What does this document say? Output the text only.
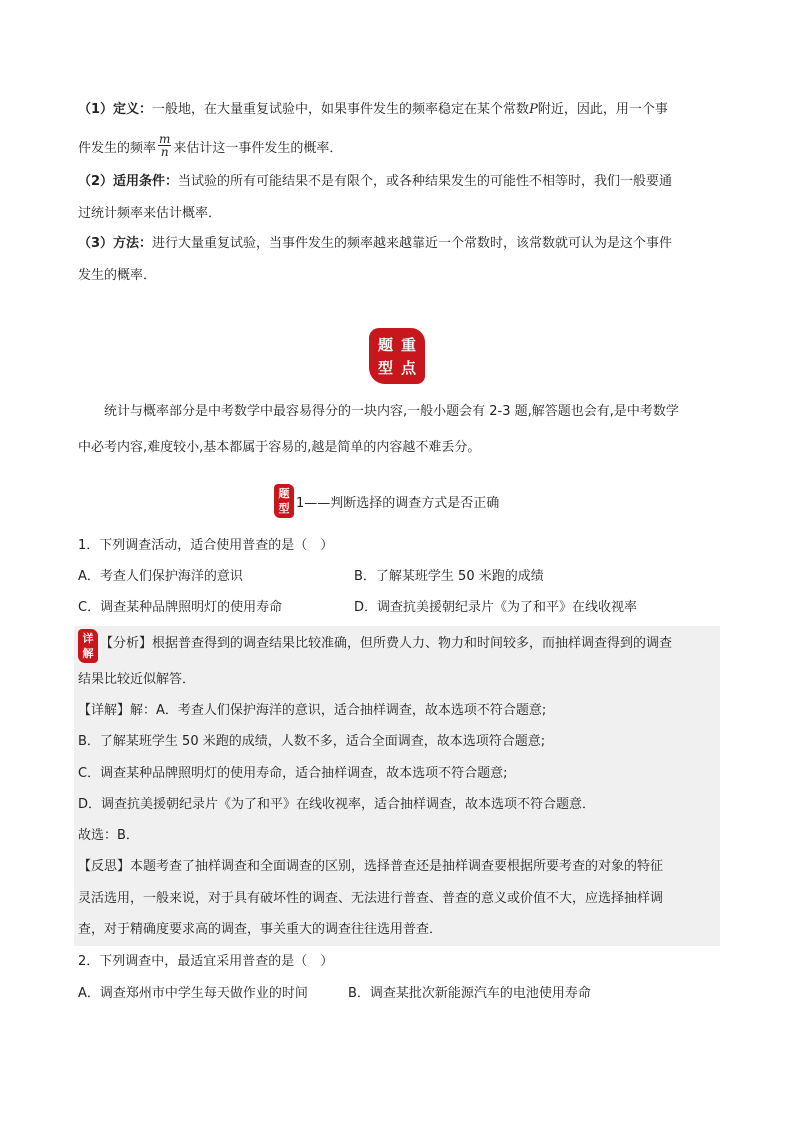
（1）定义：一般地，在大量重复试验中，如果事件发生的频率稳定在某个常数P附近，因此，用一个事
件发生的频率 $\frac{m}{n}$ 来估计这一事件发生的概率．
（2）适用条件：当试验的所有可能结果不是有限个，或各种结果发生的可能性不相等时，我们一般要通
过统计频率来估计概率．
（3）方法：进行大量重复试验，当事件发生的频率越来越靠近一个常数时，该常数就可认为是这个事件
发生的概率．
题 重
型 点
统计与概率部分是中考数学中最容易得分的一块内容,一般小题会有 2-3 题,解答题也会有,是中考数学
中必考内容,难度较小,基本都属于容易的,越是简单的内容越不难丢分。
题
型 1——判断选择的调查方式是否正确
1．下列调查活动，适合使用普查的是（　）
A．考查人们保护海洋的意识	B．了解某班学生 50 米跑的成绩
C．调查某种品牌照明灯的使用寿命	D．调查抗美援朝纪录片《为了和平》在线收视率
详
解
【分析】根据普查得到的调查结果比较准确，但所费人力、物力和时间较多，而抽样调查得到的调查
结果比较近似解答．
【详解】解：A．考查人们保护海洋的意识，适合抽样调查，故本选项不符合题意;
B．了解某班学生 50 米跑的成绩，人数不多，适合全面调查，故本选项符合题意;
C．调查某种品牌照明灯的使用寿命，适合抽样调查，故本选项不符合题意;
D．调查抗美援朝纪录片《为了和平》在线收视率，适合抽样调查，故本选项不符合题意．
故选：B．
【反思】本题考查了抽样调查和全面调查的区别，选择普查还是抽样调查要根据所要考查的对象的特征
灵活选用，一般来说，对于具有破坏性的调查、无法进行普查、普查的意义或价值不大，应选择抽样调
查，对于精确度要求高的调查，事关重大的调查往往选用普查．
2．下列调查中，最适宜采用普查的是（　）
A．调查郑州市中学生每天做作业的时间	B．调查某批次新能源汽车的电池使用寿命
